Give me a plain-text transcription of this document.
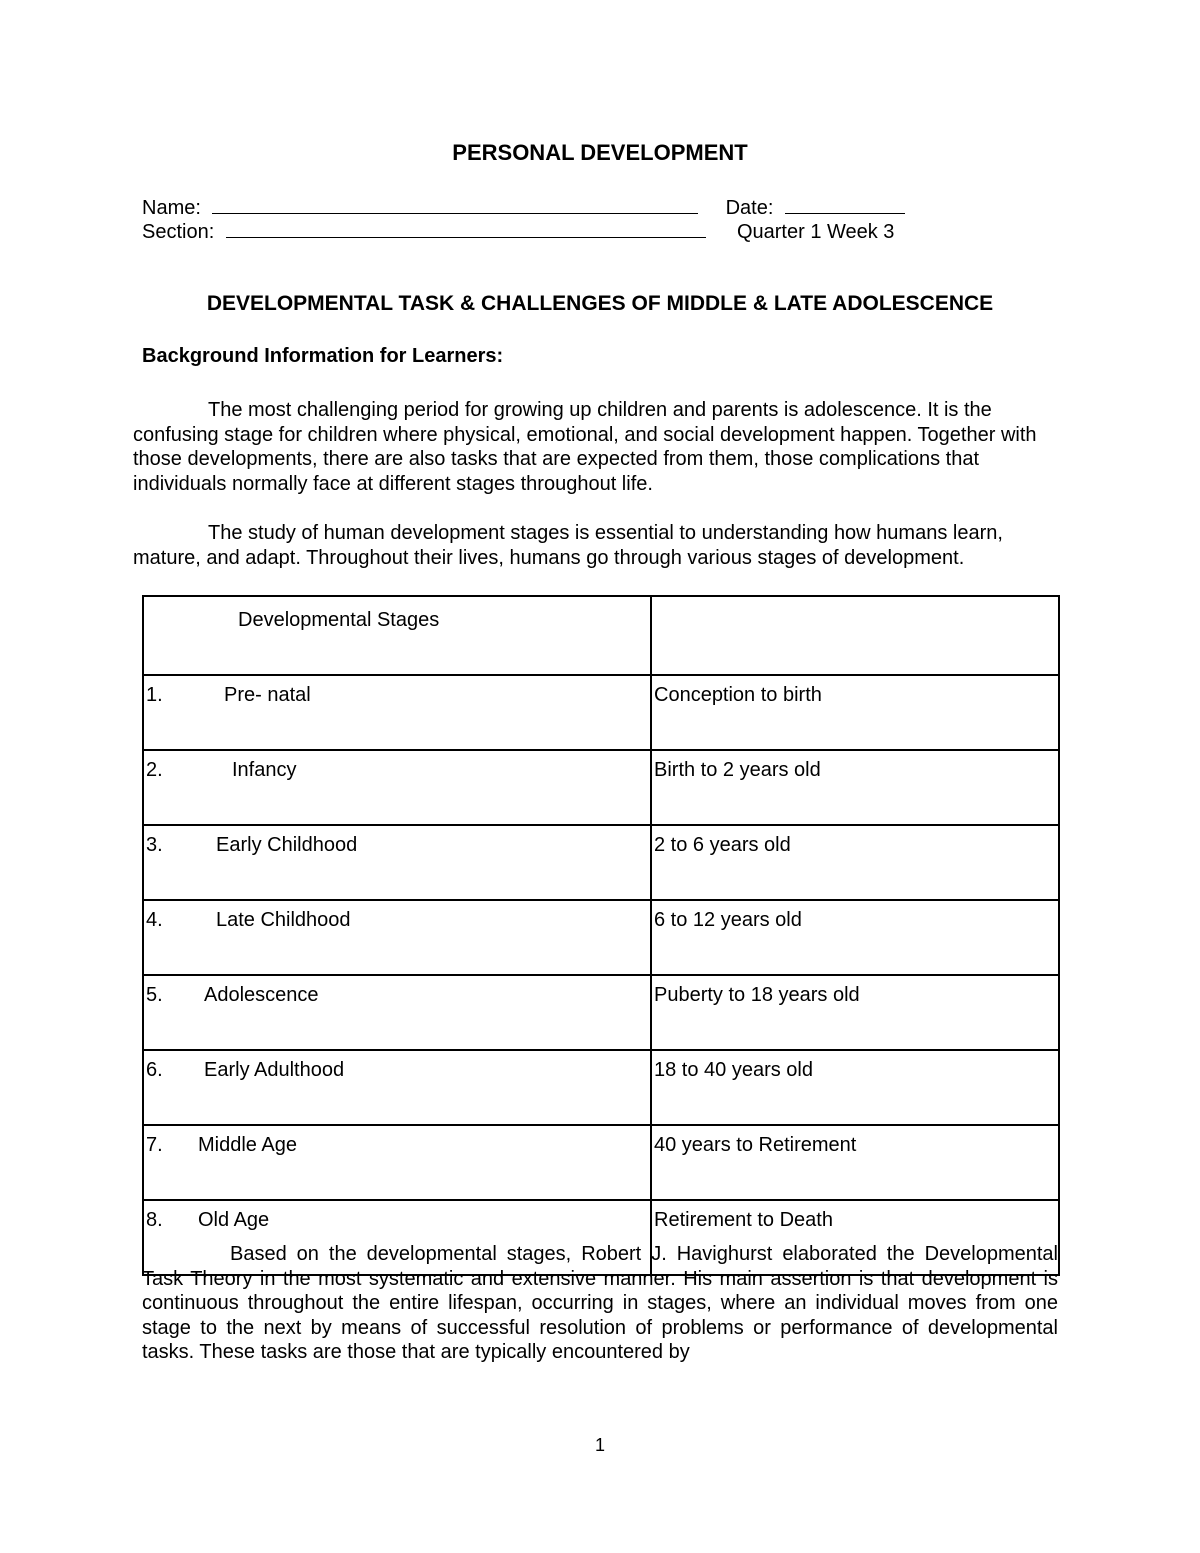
PERSONAL DEVELOPMENT
Name:	Date:
Section:	Quarter 1 Week 3
DEVELOPMENTAL TASK & CHALLENGES OF MIDDLE & LATE ADOLESCENCE
Background Information for Learners:
The most challenging period for growing up children and parents is adolescence. It is the confusing stage for children where physical, emotional, and social development happen. Together with those developments, there are also tasks that are expected from them, those complications that individuals normally face at different stages throughout life.
The study of human development stages is essential to understanding how humans learn, mature, and adapt. Throughout their lives, humans go through various stages of development.
Developmental Stages	
1. Pre- natal	Conception to birth
2. Infancy	Birth to 2 years old
3. Early Childhood	2 to 6 years old
4. Late Childhood	6 to 12 years old
5. Adolescence	Puberty to 18 years old
6. Early Adulthood	18 to 40 years old
7. Middle Age	40 years to Retirement
8. Old Age	Retirement to Death
Based on the developmental stages, Robert J. Havighurst elaborated the Developmental Task Theory in the most systematic and extensive manner. His main assertion is that development is continuous throughout the entire lifespan, occurring in stages, where an individual moves from one stage to the next by means of successful resolution of problems or performance of developmental tasks. These tasks are those that are typically encountered by
1
